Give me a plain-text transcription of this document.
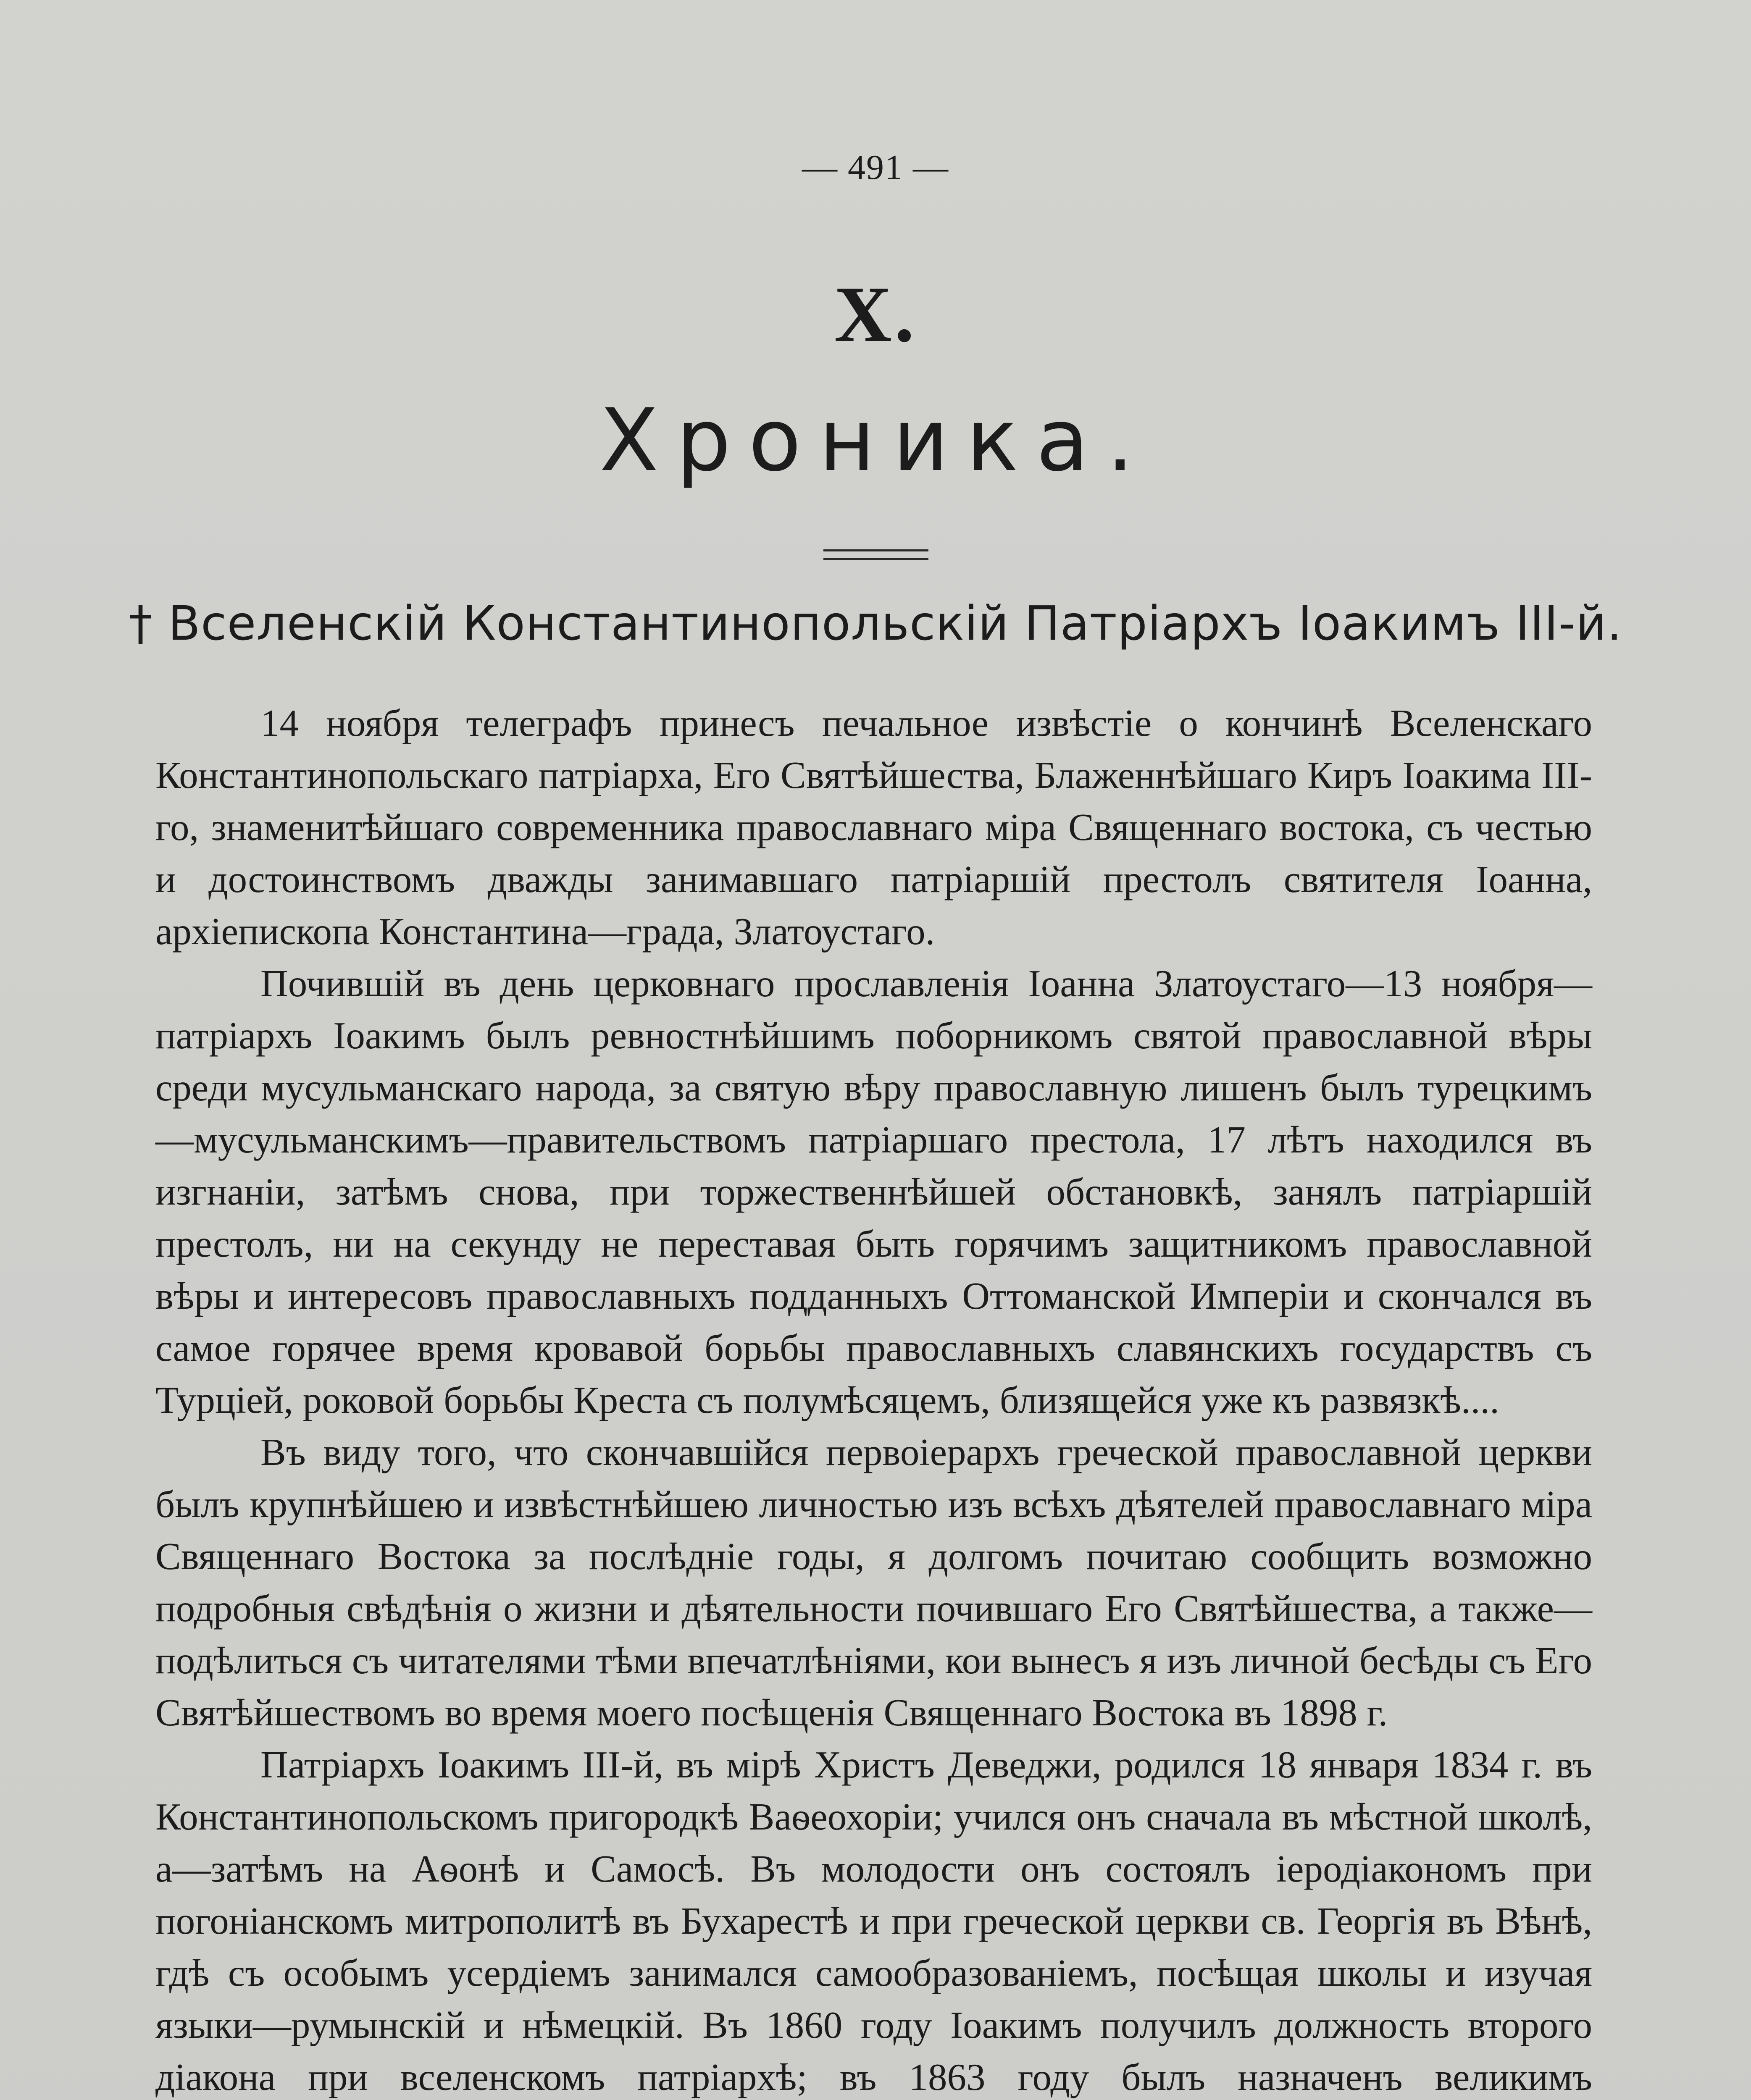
— 491 —
X.
Хроника.
† Вселенскій Константинопольскій Патріархъ Іоакимъ III-й.

14 ноября телеграфъ принесъ печальное извѣстіе о кончинѣ Вселенскаго Константинопольскаго патріарха, Его Святѣйшества, Блаженнѣйшаго Киръ Іоакима III-го, знаменитѣйшаго современника православнаго міра Священнаго востока, съ честью и достоинствомъ дважды занимавшаго патріаршій престолъ святителя Іоанна, архіепископа Константина—града, Златоустаго.

Почившій въ день церковнаго прославленія Іоанна Златоустаго—13 ноября—патріархъ Іоакимъ былъ ревностнѣйшимъ поборникомъ святой православной вѣры среди мусульманскаго народа, за святую вѣру православную лишенъ былъ турецкимъ—мусульманскимъ—правительствомъ патріаршаго престола, 17 лѣтъ находился въ изгнаніи, затѣмъ снова, при торжественнѣйшей обстановкѣ, занялъ патріаршій престолъ, ни на секунду не переставая быть горячимъ защитникомъ православной вѣры и интересовъ православныхъ подданныхъ Оттоманской Имперіи и скончался въ самое горячее время кровавой борьбы православныхъ славянскихъ государствъ съ Турціей, роковой борьбы Креста съ полумѣсяцемъ, близящейся уже къ развязкѣ....

Въ виду того, что скончавшійся первоіерархъ греческой православной церкви былъ крупнѣйшею и извѣстнѣйшею личностью изъ всѣхъ дѣятелей православнаго міра Священнаго Востока за послѣдніе годы, я долгомъ почитаю сообщить возможно подробныя свѣдѣнія о жизни и дѣятельности почившаго Его Святѣйшества, а также—подѣлиться съ читателями тѣми впечатлѣніями, кои вынесъ я изъ личной бесѣды съ Его Святѣйшествомъ во время моего посѣщенія Священнаго Востока въ 1898 г.

Патріархъ Іоакимъ III-й, въ мірѣ Христъ Деведжи, родился 18 января 1834 г. въ Константинопольскомъ пригородкѣ Ваѳеохоріи; учился онъ сначала въ мѣстной школѣ, а—затѣмъ на Аѳонѣ и Самосѣ. Въ молодости онъ состоялъ іеродіакономъ при погоніанскомъ митрополитѣ въ Бухарестѣ и при греческой церкви св. Георгія въ Вѣнѣ, гдѣ съ особымъ усердіемъ занимался самообразованіемъ, посѣщая школы и изучая языки—румынскій и нѣмецкій. Въ 1860 году Іоакимъ получилъ должность второго діакона при вселенскомъ патріархѣ; въ 1863 году былъ назначенъ великимъ
